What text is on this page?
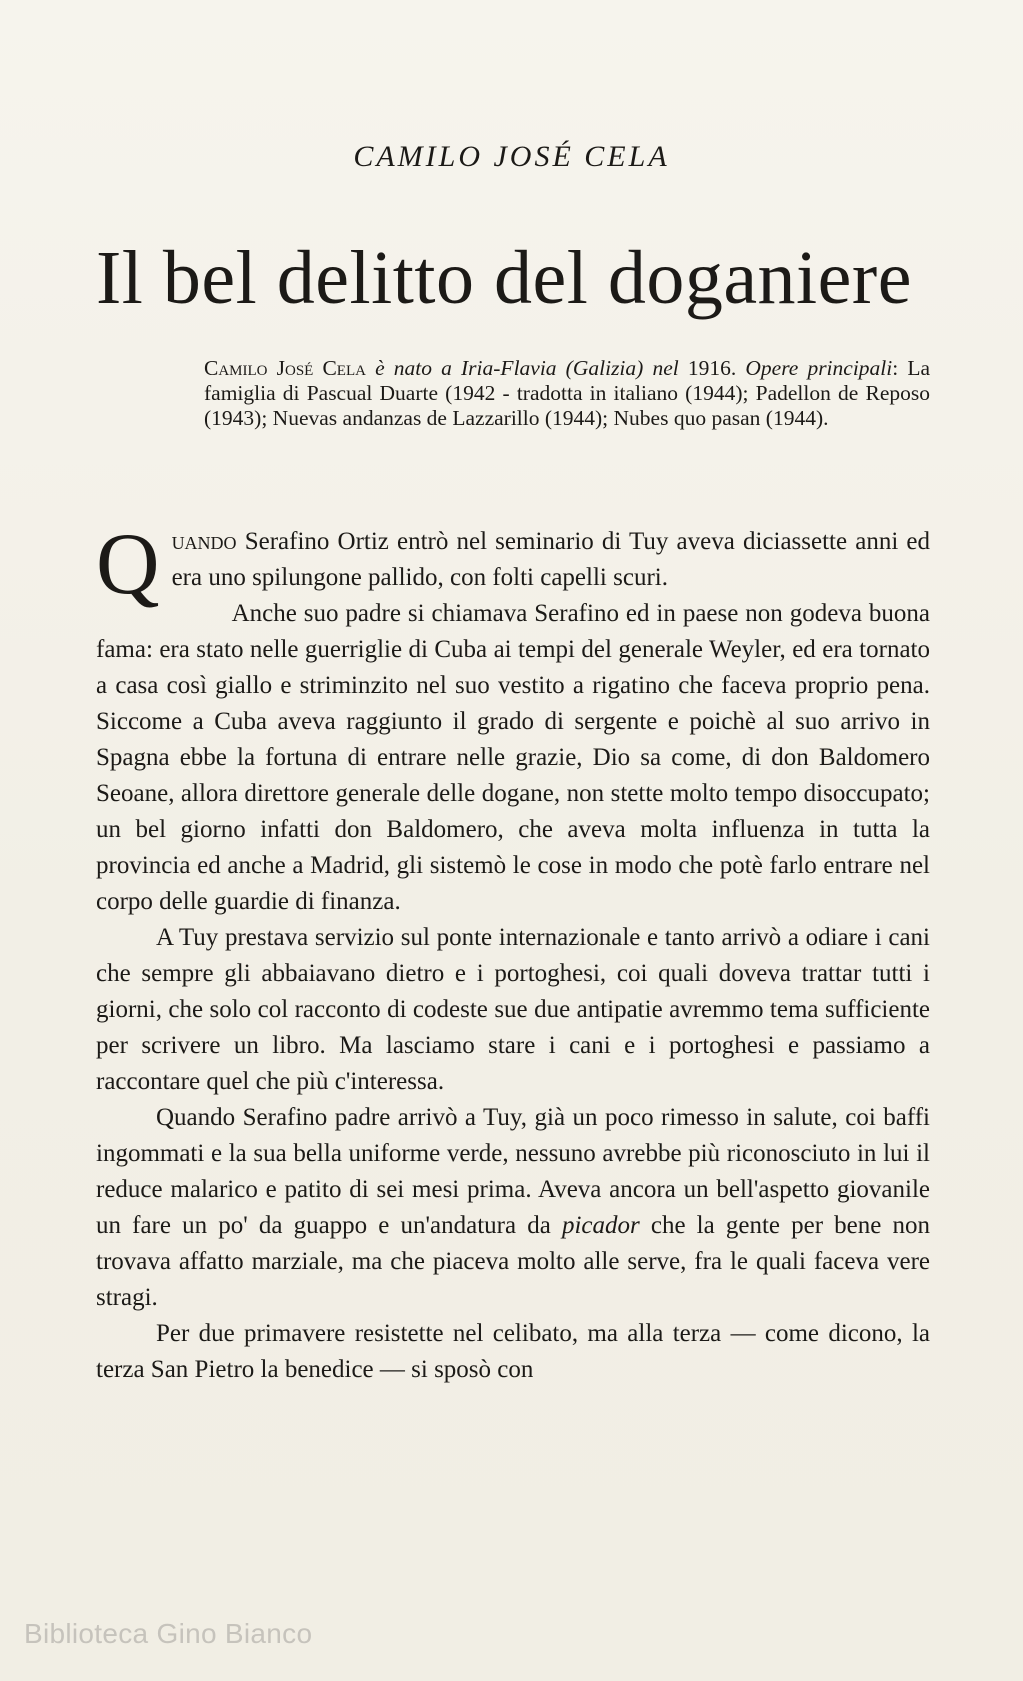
CAMILO JOSÉ CELA
Il bel delitto del doganiere
Camilo José Cela è nato a Iria-Flavia (Galizia) nel 1916. Opere principali: La famiglia di Pascual Duarte (1942 - tradotta in italiano (1944); Padellon de Reposo (1943); Nuevas andanzas de Lazzarillo (1944); Nubes quo pasan (1944).

Quando Serafino Ortiz entrò nel seminario di Tuy aveva diciassette anni ed era uno spilungone pallido, con folti capelli scuri.

Anche suo padre si chiamava Serafino ed in paese non godeva buona fama: era stato nelle guerriglie di Cuba ai tempi del generale Weyler, ed era tornato a casa così giallo e striminzito nel suo vestito a rigatino che faceva proprio pena. Siccome a Cuba aveva raggiunto il grado di sergente e poichè al suo arrivo in Spagna ebbe la fortuna di entrare nelle grazie, Dio sa come, di don Baldomero Seoane, allora direttore generale delle dogane, non stette molto tempo disoccupato; un bel giorno infatti don Baldomero, che aveva molta influenza in tutta la provincia ed anche a Madrid, gli sistemò le cose in modo che potè farlo entrare nel corpo delle guardie di finanza.

A Tuy prestava servizio sul ponte internazionale e tanto arrivò a odiare i cani che sempre gli abbaiavano dietro e i portoghesi, coi quali doveva trattar tutti i giorni, che solo col racconto di codeste sue due antipatie avremmo tema sufficiente per scrivere un libro. Ma lasciamo stare i cani e i portoghesi e passiamo a raccontare quel che più c'interessa.

Quando Serafino padre arrivò a Tuy, già un poco rimesso in salute, coi baffi ingommati e la sua bella uniforme verde, nessuno avrebbe più riconosciuto in lui il reduce malarico e patito di sei mesi prima. Aveva ancora un bell'aspetto giovanile un fare un po' da guappo e un'andatura da picador che la gente per bene non trovava affatto marziale, ma che piaceva molto alle serve, fra le quali faceva vere stragi.

Per due primavere resistette nel celibato, ma alla terza — come dicono, la terza San Pietro la benedice — si sposò con

Biblioteca Gino Bianco
